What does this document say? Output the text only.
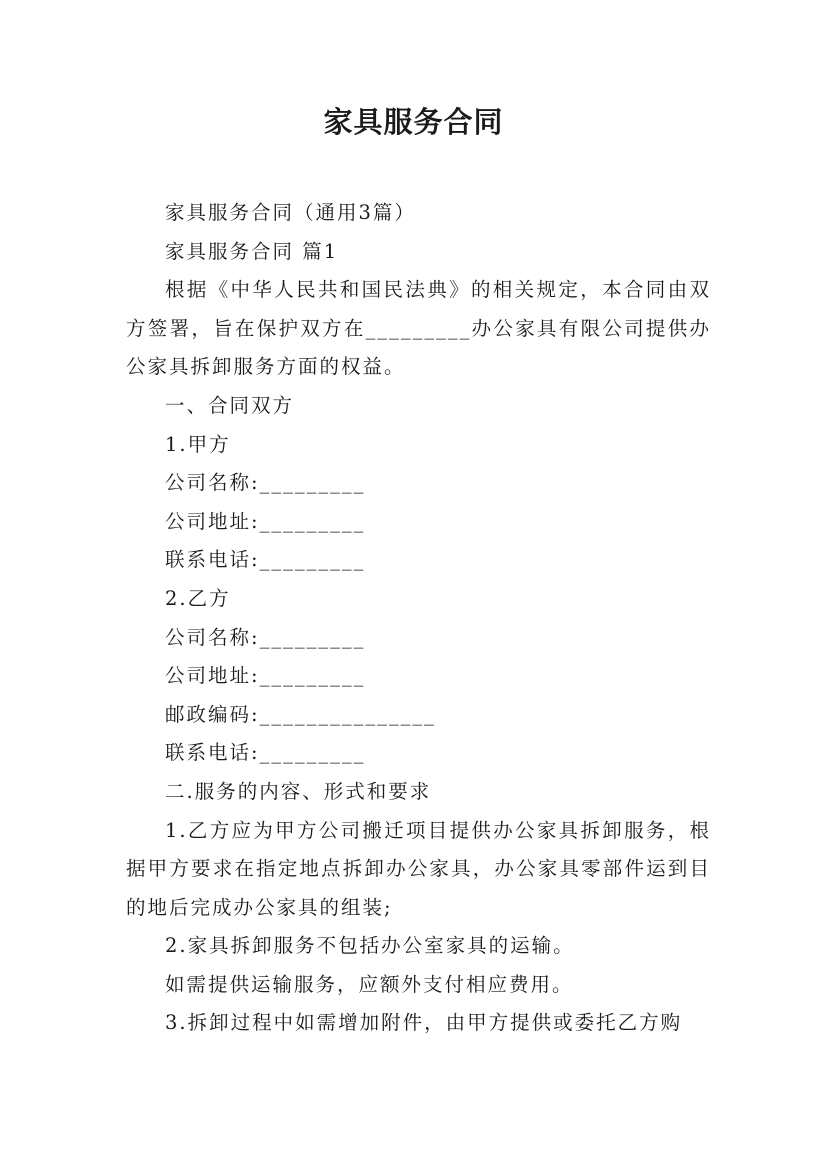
家具服务合同

家具服务合同（通用3篇）

家具服务合同 篇1

根据《中华人民共和国民法典》的相关规定，本合同由双方签署，旨在保护双方在_________办公家具有限公司提供办公家具拆卸服务方面的权益。

一、合同双方

1.甲方

公司名称:_________

公司地址:_________

联系电话:_________

2.乙方

公司名称:_________

公司地址:_________

邮政编码:_______________

联系电话:_________

二.服务的内容、形式和要求

1.乙方应为甲方公司搬迁项目提供办公家具拆卸服务，根据甲方要求在指定地点拆卸办公家具，办公家具零部件运到目的地后完成办公家具的组装;

2.家具拆卸服务不包括办公室家具的运输。

如需提供运输服务，应额外支付相应费用。

3.拆卸过程中如需增加附件，由甲方提供或委托乙方购
